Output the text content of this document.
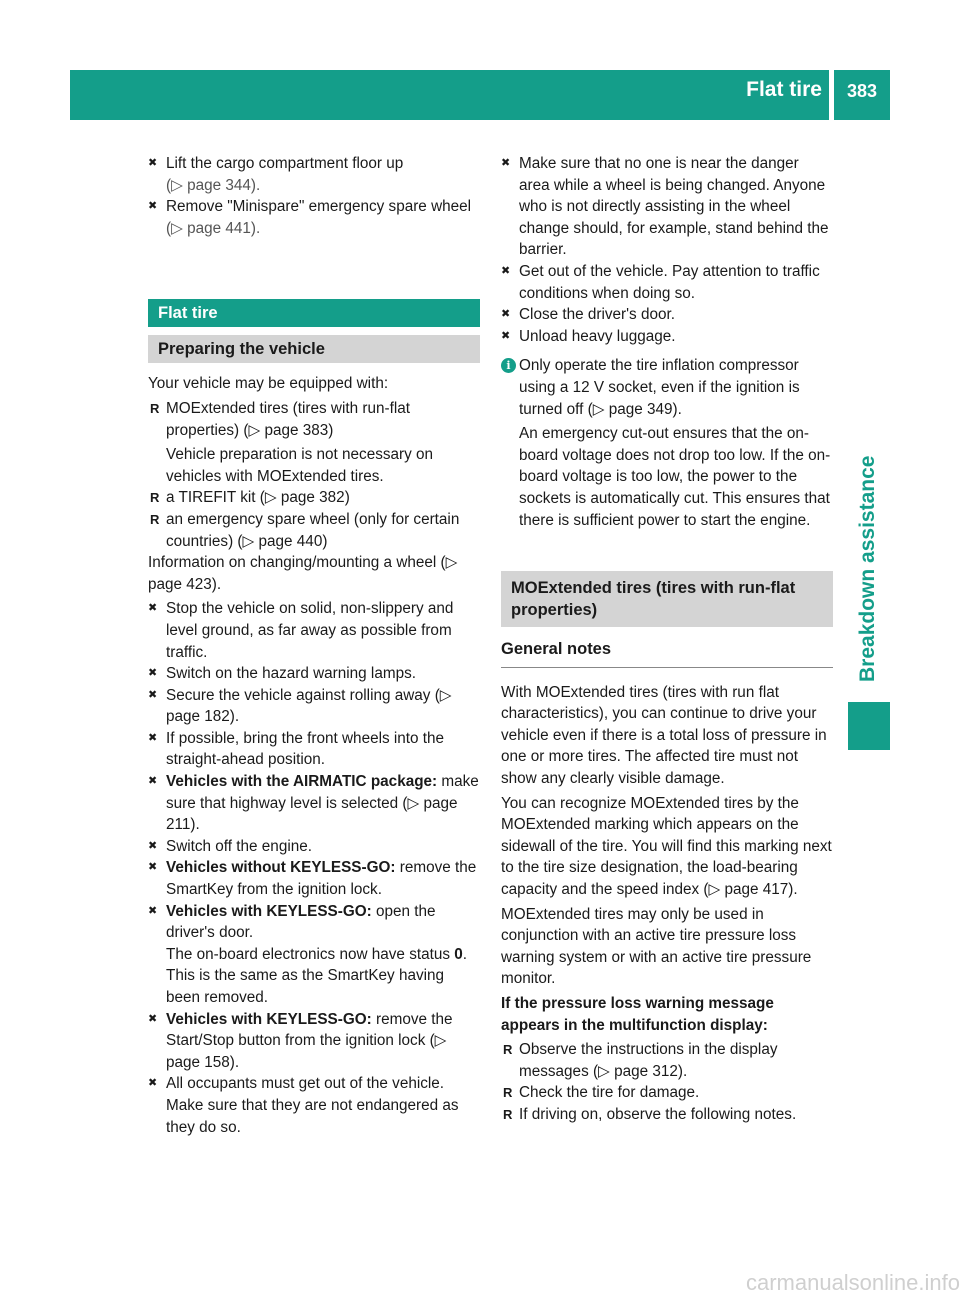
Flat tire	383
Breakdown assistance

✖ Lift the cargo compartment floor up
(▷ page 344).

✖ Remove "Minispare" emergency spare wheel (▷ page 441).

Flat tire
Preparing the vehicle

Your vehicle may be equipped with:

R MOExtended tires (tires with run-flat properties) (▷ page 383)
Vehicle preparation is not necessary on vehicles with MOExtended tires.

R a TIREFIT kit (▷ page 382)

R an emergency spare wheel (only for certain countries) (▷ page 440)

Information on changing/mounting a wheel (▷ page 423).

✖ Stop the vehicle on solid, non-slippery and level ground, as far away as possible from traffic.

✖ Switch on the hazard warning lamps.

✖ Secure the vehicle against rolling away (▷ page 182).

✖ If possible, bring the front wheels into the straight-ahead position.

✖ Vehicles with the AIRMATIC package: make sure that highway level is selected (▷ page 211).

✖ Switch off the engine.

✖ Vehicles without KEYLESS-GO: remove the SmartKey from the ignition lock.

✖ Vehicles with KEYLESS-GO: open the driver's door.
The on-board electronics now have status 0. This is the same as the SmartKey having been removed.

✖ Vehicles with KEYLESS-GO: remove the Start/Stop button from the ignition lock (▷ page 158).

✖ All occupants must get out of the vehicle. Make sure that they are not endangered as they do so.

✖ Make sure that no one is near the danger area while a wheel is being changed. Anyone who is not directly assisting in the wheel change should, for example, stand behind the barrier.

✖ Get out of the vehicle. Pay attention to traffic conditions when doing so.

✖ Close the driver's door.

✖ Unload heavy luggage.

i Only operate the tire inflation compressor using a 12 V socket, even if the ignition is turned off (▷ page 349).

An emergency cut-out ensures that the on-board voltage does not drop too low. If the on-board voltage is too low, the power to the sockets is automatically cut. This ensures that there is sufficient power to start the engine.

MOExtended tires (tires with run-flat properties)
General notes

With MOExtended tires (tires with run flat characteristics), you can continue to drive your vehicle even if there is a total loss of pressure in one or more tires. The affected tire must not show any clearly visible damage.

You can recognize MOExtended tires by the MOExtended marking which appears on the sidewall of the tire. You will find this marking next to the tire size designation, the load-bearing capacity and the speed index (▷ page 417).

MOExtended tires may only be used in conjunction with an active tire pressure loss warning system or with an active tire pressure monitor.

If the pressure loss warning message appears in the multifunction display:

R Observe the instructions in the display messages (▷ page 312).

R Check the tire for damage.

R If driving on, observe the following notes.

carmanualsonline.info
